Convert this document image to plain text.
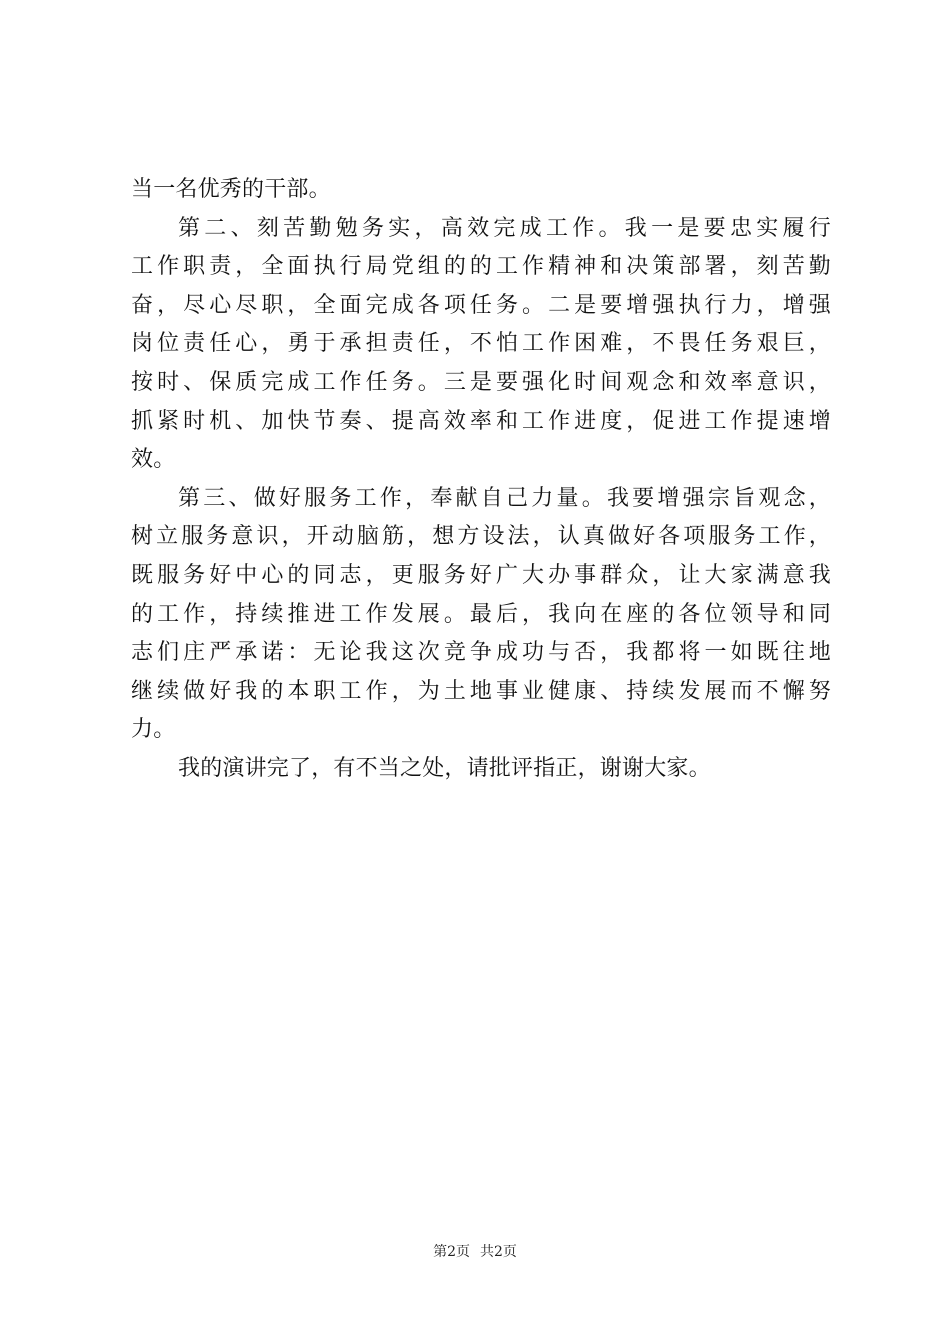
当一名优秀的干部。
第二、刻苦勤勉务实，高效完成工作。我一是要忠实履行
工作职责，全面执行局党组的的工作精神和决策部署，刻苦勤
奋，尽心尽职，全面完成各项任务。二是要增强执行力，增强
岗位责任心，勇于承担责任，不怕工作困难，不畏任务艰巨，
按时、保质完成工作任务。三是要强化时间观念和效率意识，
抓紧时机、加快节奏、提高效率和工作进度，促进工作提速增
效。
第三、做好服务工作，奉献自己力量。我要增强宗旨观念，
树立服务意识，开动脑筋，想方设法，认真做好各项服务工作，
既服务好中心的同志，更服务好广大办事群众，让大家满意我
的工作，持续推进工作发展。最后，我向在座的各位领导和同
志们庄严承诺：无论我这次竞争成功与否，我都将一如既往地
继续做好我的本职工作，为土地事业健康、持续发展而不懈努
力。
我的演讲完了，有不当之处，请批评指正，谢谢大家。
第2页 共2页
